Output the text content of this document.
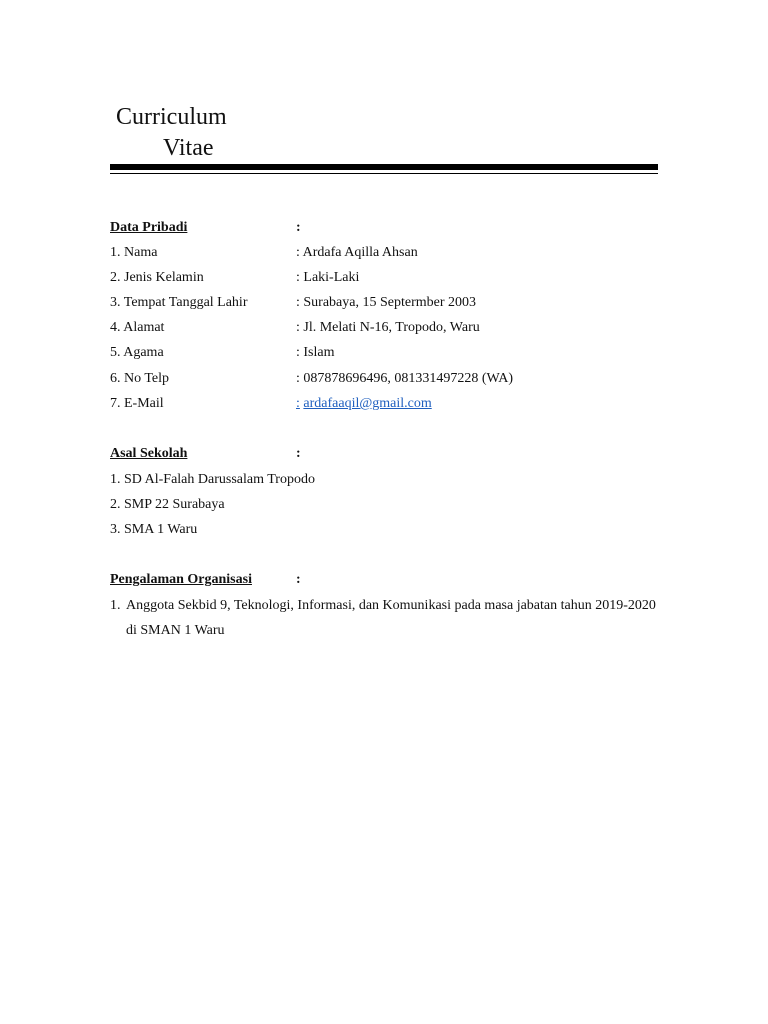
Curriculum
Vitae
Data Pribadi	:
1. Nama	: Ardafa Aqilla Ahsan
2. Jenis Kelamin	: Laki-Laki
3. Tempat Tanggal Lahir	: Surabaya, 15 Septermber 2003
4. Alamat	: Jl. Melati N-16, Tropodo, Waru
5. Agama	: Islam
6. No Telp	: 087878696496, 081331497228 (WA)
7. E-Mail	: ardafaaqil@gmail.com
Asal Sekolah	:
1. SD Al-Falah Darussalam Tropodo
2. SMP 22 Surabaya
3. SMA 1 Waru
Pengalaman Organisasi	:
1. Anggota Sekbid 9, Teknologi, Informasi, dan Komunikasi pada masa jabatan tahun 2019-2020 di SMAN 1 Waru
